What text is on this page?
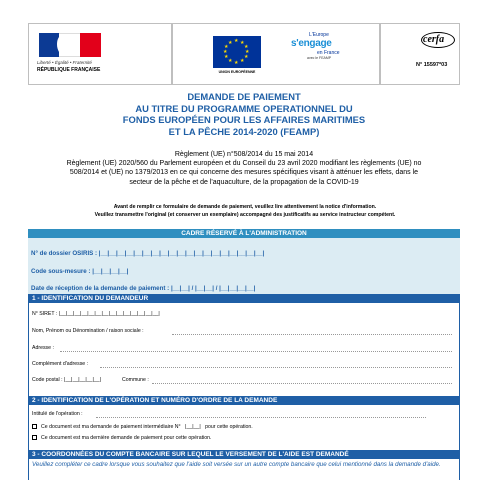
Liberté • Égalité • Fraternité
RÉPUBLIQUE FRANÇAISE
★ ★
★
★
★
★
★
★
★
★
★
★
UNION EUROPÉENNE
L'Europe
s'engage
en France
avec le FEAMP
cerfa
N° 15597*03
DEMANDE DE PAIEMENT
AU TITRE DU PROGRAMME OPERATIONNEL DU
FONDS EUROPÉEN POUR LES AFFAIRES MARITIMES
ET LA PÊCHE 2014-2020 (FEAMP)
Règlement (UE) n°508/2014 du 15 mai 2014
Règlement (UE) 2020/560 du Parlement européen et du Conseil du 23 avril 2020 modifiant les règlements (UE) no
508/2014 et (UE) no 1379/2013 en ce qui concerne des mesures spécifiques visant à atténuer les effets, dans le
secteur de la pêche et de l'aquaculture, de la propagation de la COVID-19
Avant de remplir ce formulaire de demande de paiement, veuillez lire attentivement la notice d'information.
Veuillez transmettre l'original (et conserver un exemplaire) accompagné des justificatifs au service instructeur compétent.
CADRE RÉSERVÉ À L'ADMINISTRATION
N° de dossier OSIRIS : |__|__|__|__|__|__|__|__|__|__|__|__|__|__|__|__|__|__|__|
Code sous-mesure : |__|__|__|__|
Date de réception de la demande de paiement : |__|__| / |__|__| / |__|__|__|__|
1 - IDENTIFICATION DU DEMANDEUR
N° SIRET : |__|__|__|__|__|__|__|__|__|__|__|__|__|__|
Nom, Prénom ou Dénomination / raison sociale :
Adresse :
Complément d'adresse :
Code postal : |__|__|__|__|__|	Commune :
2 - IDENTIFICATION DE L'OPÉRATION ET NUMÉRO D'ORDRE DE LA DEMANDE
Intitulé de l'opération :
Ce document est ma demande de paiement intermédiaire N° |__|__| pour cette opération.
Ce document est ma dernière demande de paiement pour cette opération.
3 - COORDONNÉES DU COMPTE BANCAIRE SUR LEQUEL LE VERSEMENT DE L'AIDE EST DEMANDÉ
Veuillez compléter ce cadre lorsque vous souhaitez que l'aide soit versée sur un autre compte bancaire que celui mentionné dans la demande d'aide.
